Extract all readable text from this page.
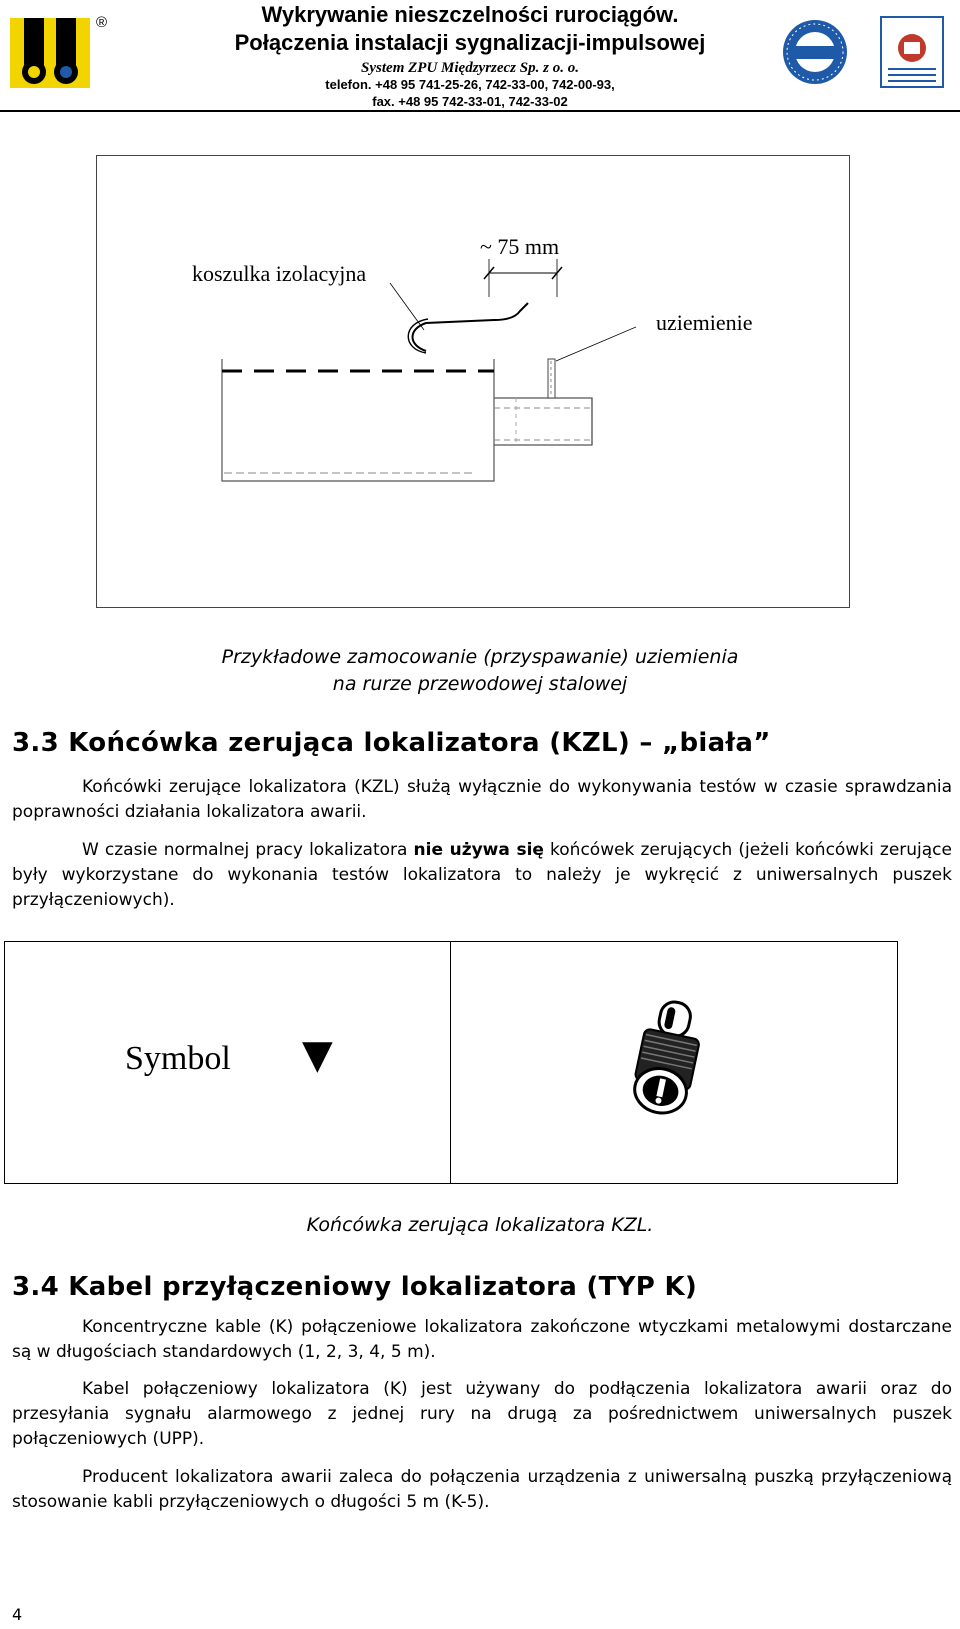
®	Wykrywanie nieszczelności rurociągów.
Połączenia instalacji sygnalizacji-impulsowej
System ZPU Międzyrzecz Sp. z o. o.
telefon. +48 95 741-25-26, 742-33-00, 742-00-93,
fax. +48 95 742-33-01, 742-33-02
koszulka izolacyjna
~ 75 mm
uziemienie
Przykładowe zamocowanie (przyspawanie) uziemienia
na rurze przewodowej stalowej
3.3 Końcówka zerująca lokalizatora (KZL) – „biała”

Końcówki zerujące lokalizatora (KZL) służą wyłącznie do wykonywania testów w czasie sprawdzania poprawności działania lokalizatora awarii.

W czasie normalnej pracy lokalizatora nie używa się końcówek zerujących (jeżeli końcówki zerujące były wykorzystane do wykonania testów lokalizatora to należy je wykręcić z uniwersalnych puszek przyłączeniowych).

Symbol ▼
Końcówka zerująca lokalizatora KZL.
3.4 Kabel przyłączeniowy lokalizatora (TYP K)

Koncentryczne kable (K) połączeniowe lokalizatora zakończone wtyczkami metalowymi dostarczane są w długościach standardowych (1, 2, 3, 4, 5 m).

Kabel połączeniowy lokalizatora (K) jest używany do podłączenia lokalizatora awarii oraz do przesyłania sygnału alarmowego z jednej rury na drugą za pośrednictwem uniwersalnych puszek połączeniowych (UPP).

Producent lokalizatora awarii zaleca do połączenia urządzenia z uniwersalną puszką przyłączeniową stosowanie kabli przyłączeniowych o długości 5 m (K-5).

4
